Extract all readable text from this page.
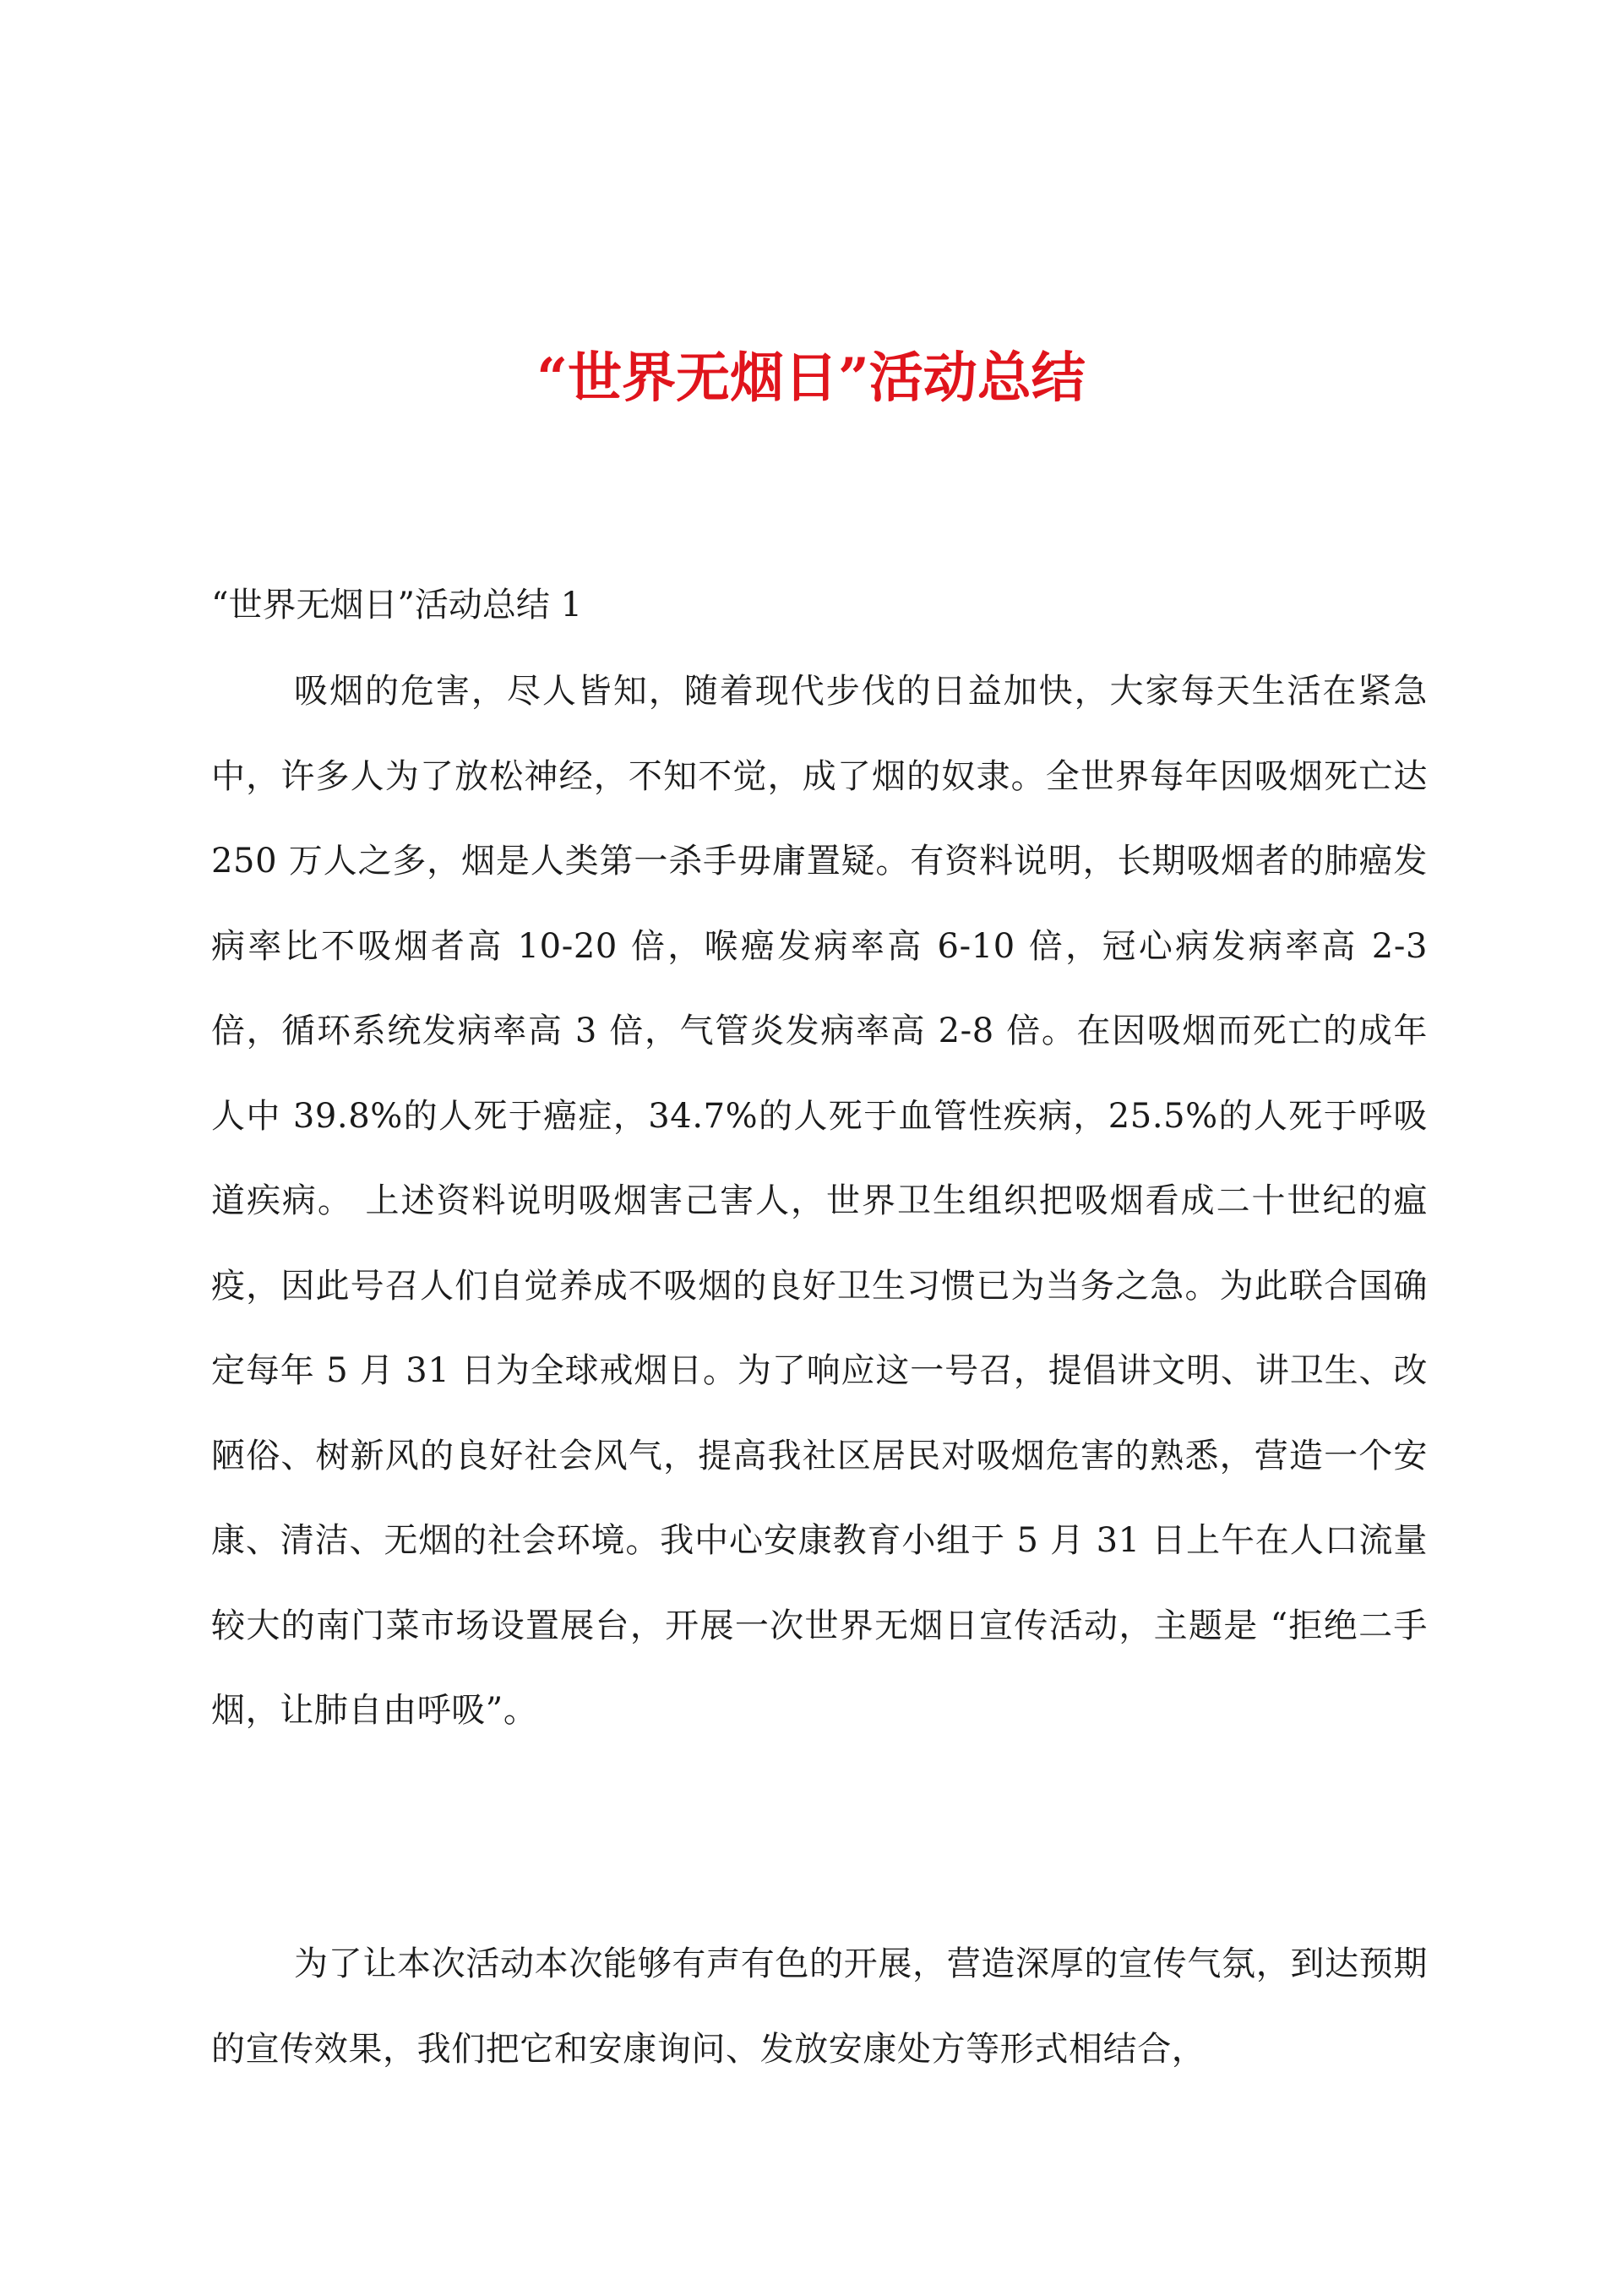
“世界无烟日”活动总结

“世界无烟日”活动总结 1

吸烟的危害，尽人皆知，随着现代步伐的日益加快，大家每天生活在紧急中，许多人为了放松神经，不知不觉，成了烟的奴隶。全世界每年因吸烟死亡达 250 万人之多，烟是人类第一杀手毋庸置疑。有资料说明，长期吸烟者的肺癌发病率比不吸烟者高 10-20 倍，喉癌发病率高 6-10 倍，冠心病发病率高 2-3 倍，循环系统发病率高 3 倍，气管炎发病率高 2-8 倍。在因吸烟而死亡的成年人中 39.8%的人死于癌症，34.7%的人死于血管性疾病，25.5%的人死于呼吸道疾病。 上述资料说明吸烟害己害人，世界卫生组织把吸烟看成二十世纪的瘟疫，因此号召人们自觉养成不吸烟的良好卫生习惯已为当务之急。为此联合国确定每年 5 月 31 日为全球戒烟日。为了响应这一号召，提倡讲文明、讲卫生、改陋俗、树新风的良好社会风气，提高我社区居民对吸烟危害的熟悉，营造一个安康、清洁、无烟的社会环境。我中心安康教育小组于 5 月 31 日上午在人口流量较大的南门菜市场设置展台，开展一次世界无烟日宣传活动，主题是 “拒绝二手烟，让肺自由呼吸”。

为了让本次活动本次能够有声有色的开展，营造深厚的宣传气氛，到达预期的宣传效果，我们把它和安康询问、发放安康处方等形式相结合，
